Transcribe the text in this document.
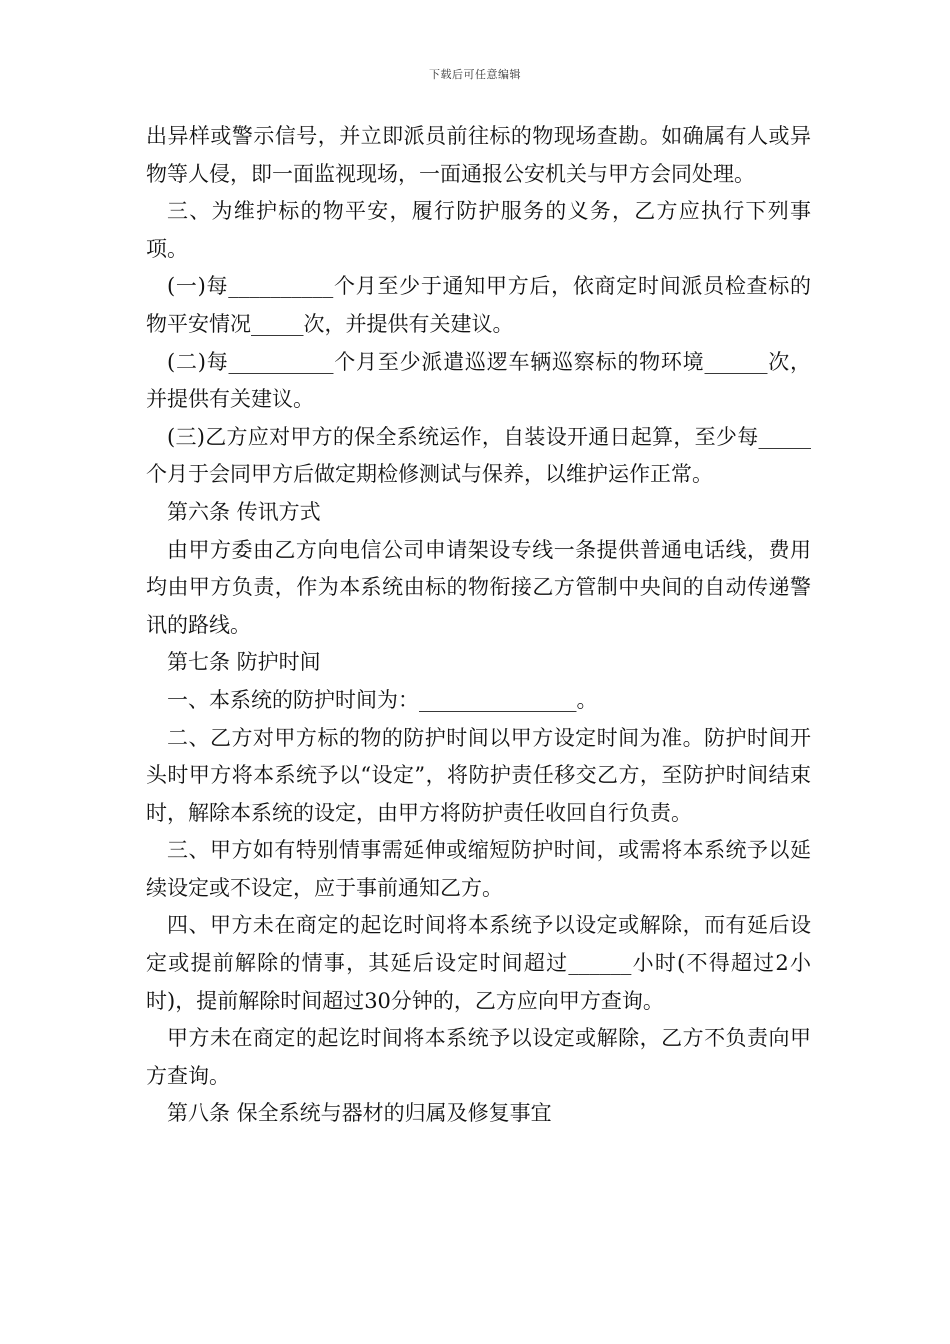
下载后可任意编辑

出异样或警示信号，并立即派员前往标的物现场查勘。如确属有人或异物等人侵，即一面监视现场，一面通报公安机关与甲方会同处理。

三、为维护标的物平安，履行防护服务的义务，乙方应执行下列事项。

(一)每__________个月至少于通知甲方后，依商定时间派员检查标的物平安情况_____次，并提供有关建议。

(二)每__________个月至少派遣巡逻车辆巡察标的物环境______次，并提供有关建议。

(三)乙方应对甲方的保全系统运作，自装设开通日起算，至少每_____个月于会同甲方后做定期检修测试与保养，以维护运作正常。

第六条 传讯方式

由甲方委由乙方向电信公司申请架设专线一条提供普通电话线，费用均由甲方负责，作为本系统由标的物衔接乙方管制中央间的自动传递警讯的路线。

第七条 防护时间

一、本系统的防护时间为：_______________。

二、乙方对甲方标的物的防护时间以甲方设定时间为准。防护时间开头时甲方将本系统予以“设定”，将防护责任移交乙方，至防护时间结束时，解除本系统的设定，由甲方将防护责任收回自行负责。

三、甲方如有特别情事需延伸或缩短防护时间，或需将本系统予以延续设定或不设定，应于事前通知乙方。

四、甲方未在商定的起讫时间将本系统予以设定或解除，而有延后设定或提前解除的情事，其延后设定时间超过______小时(不得超过2小时)，提前解除时间超过30分钟的，乙方应向甲方查询。

甲方未在商定的起讫时间将本系统予以设定或解除，乙方不负责向甲方查询。

第八条 保全系统与器材的归属及修复事宜
